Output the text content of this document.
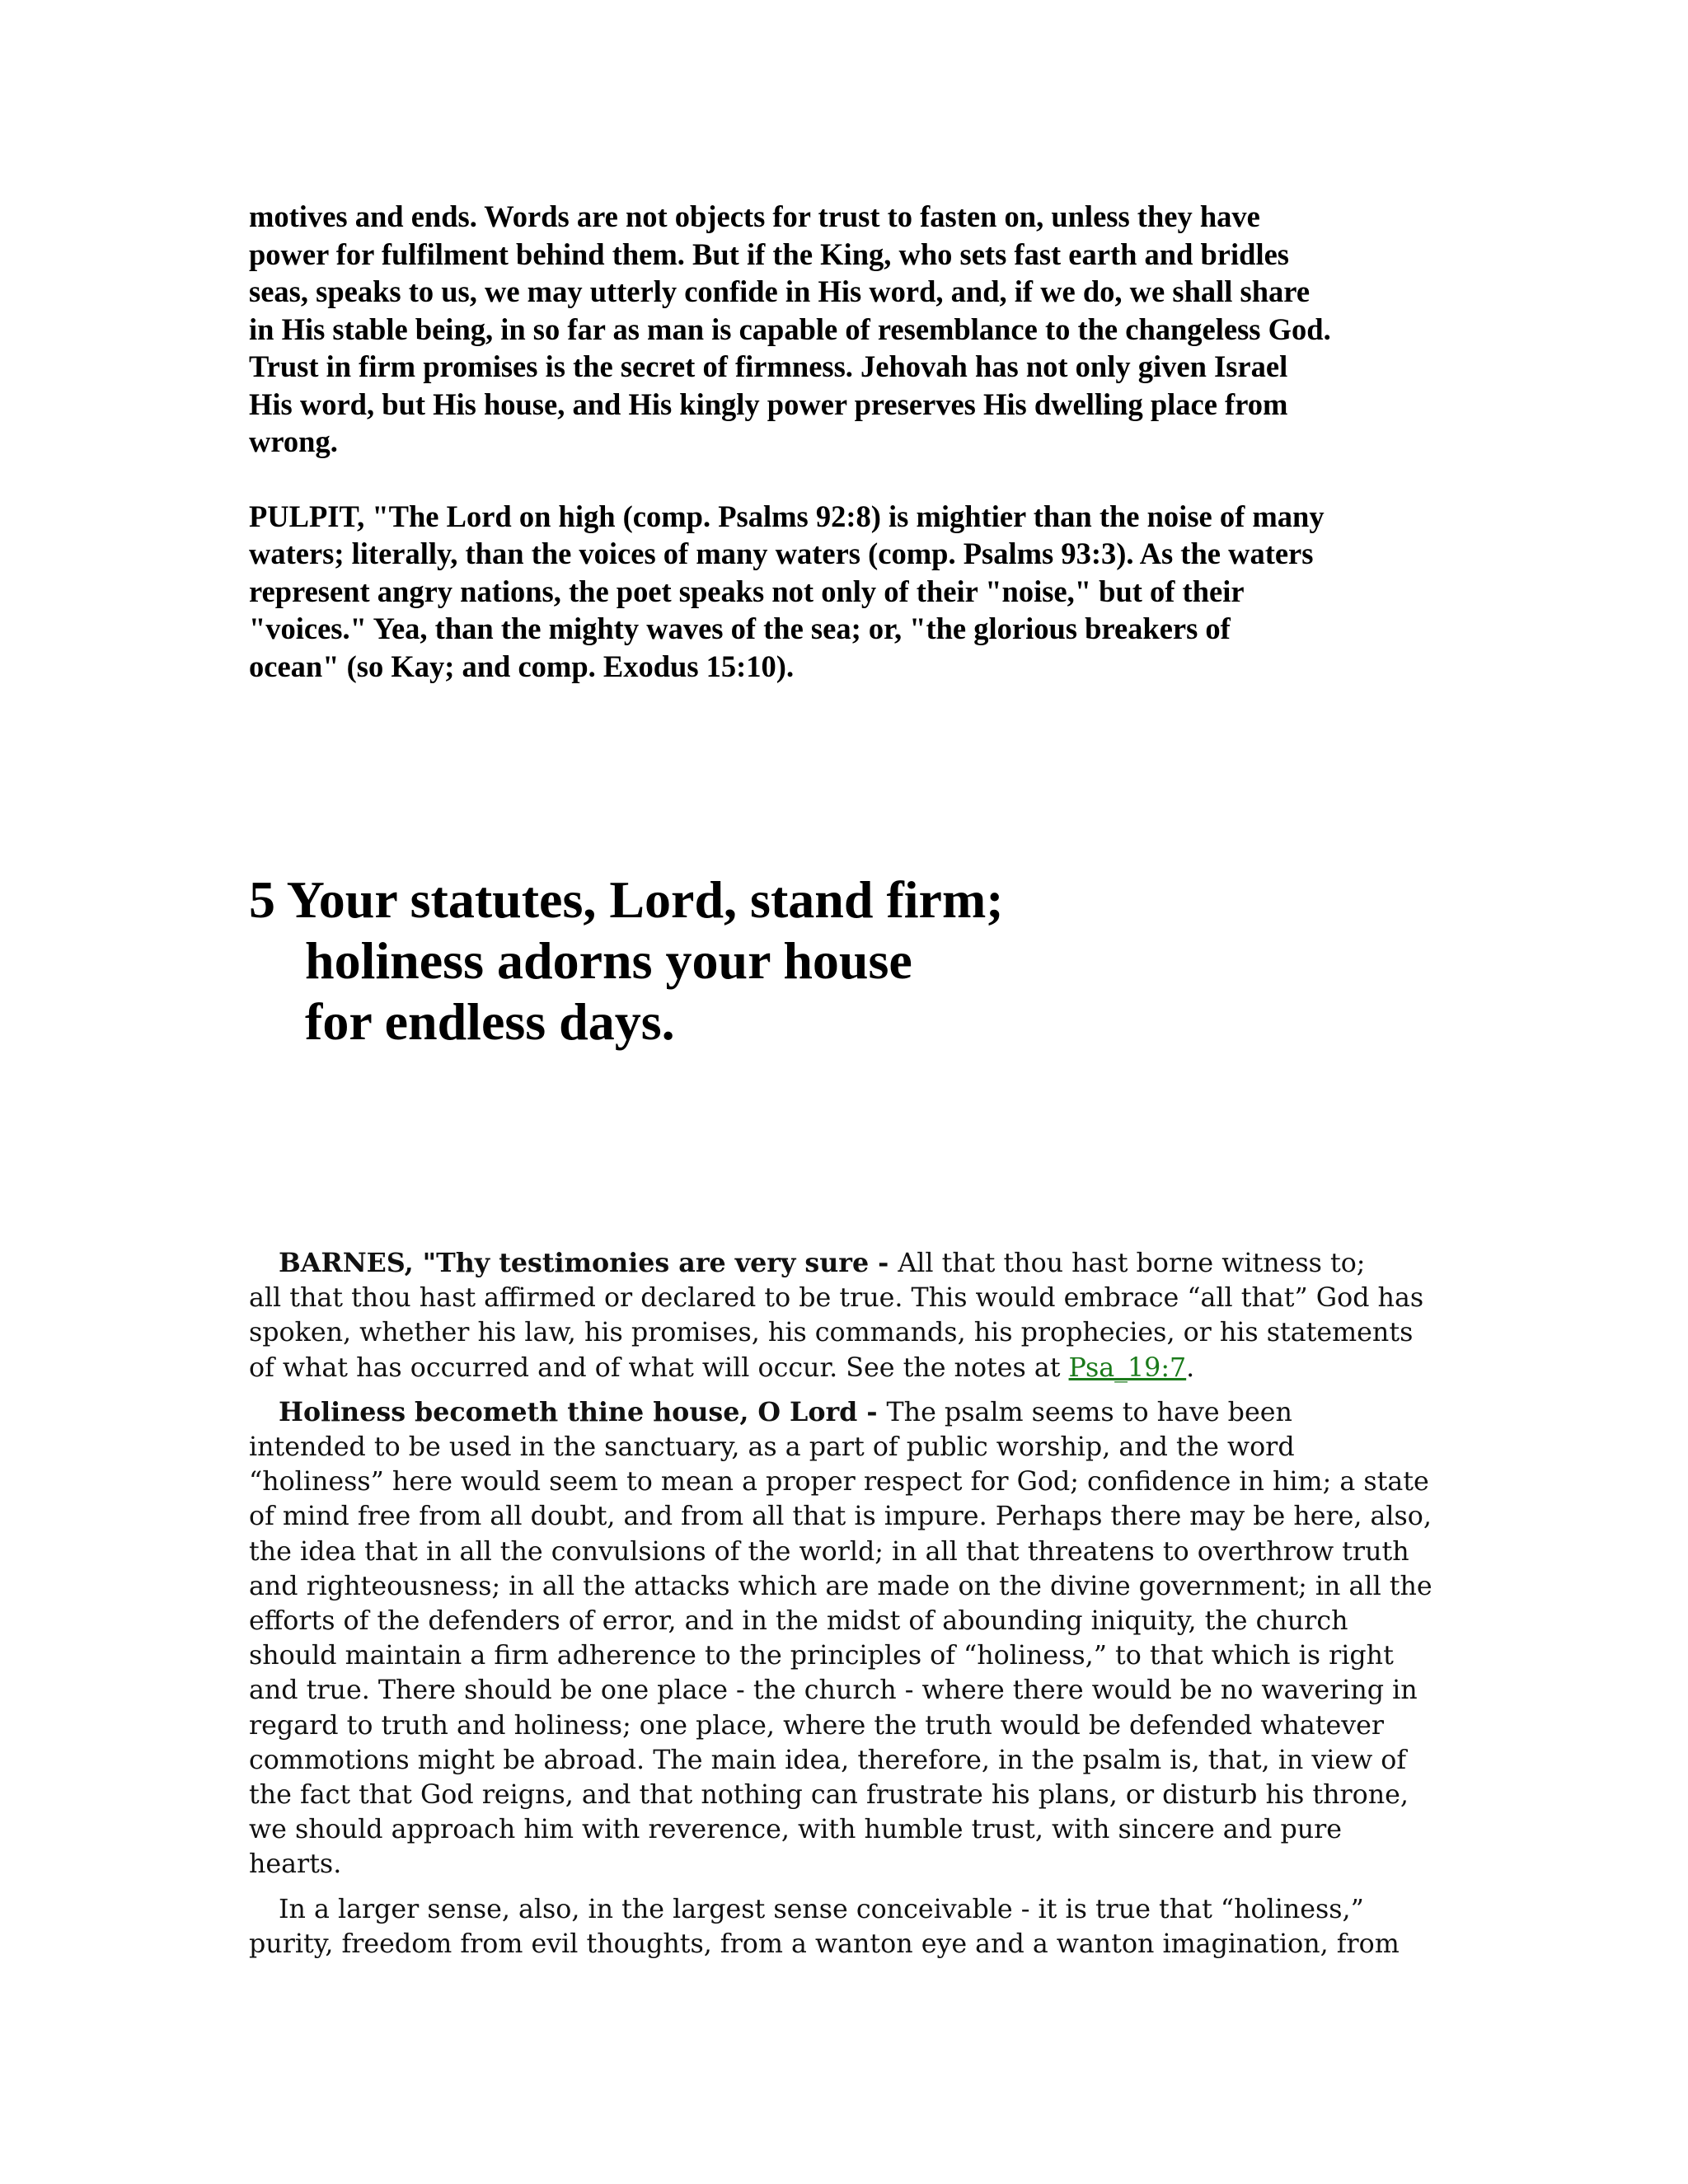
motives and ends. Words are not objects for trust to fasten on, unless they have
power for fulfilment behind them. But if the King, who sets fast earth and bridles
seas, speaks to us, we may utterly confide in His word, and, if we do, we shall share
in His stable being, in so far as man is capable of resemblance to the changeless God.
Trust in firm promises is the secret of firmness. Jehovah has not only given Israel
His word, but His house, and His kingly power preserves His dwelling place from
wrong.
PULPIT, "The Lord on high (comp. Psalms 92:8) is mightier than the noise of many
waters; literally, than the voices of many waters (comp. Psalms 93:3). As the waters
represent angry nations, the poet speaks not only of their "noise," but of their
"voices." Yea, than the mighty waves of the sea; or, "the glorious breakers of
ocean" (so Kay; and comp. Exodus 15:10).
5 Your statutes, Lord, stand firm;
holiness adorns your house
for endless days.

BARNES, "Thy testimonies are very sure - All that thou hast borne witness to;
all that thou hast affirmed or declared to be true. This would embrace “all that” God has
spoken, whether his law, his promises, his commands, his prophecies, or his statements
of what has occurred and of what will occur. See the notes at Psa_19:7.

Holiness becometh thine house, O Lord - The psalm seems to have been
intended to be used in the sanctuary, as a part of public worship, and the word
“holiness” here would seem to mean a proper respect for God; confidence in him; a state
of mind free from all doubt, and from all that is impure. Perhaps there may be here, also,
the idea that in all the convulsions of the world; in all that threatens to overthrow truth
and righteousness; in all the attacks which are made on the divine government; in all the
efforts of the defenders of error, and in the midst of abounding iniquity, the church
should maintain a firm adherence to the principles of “holiness,” to that which is right
and true. There should be one place - the church - where there would be no wavering in
regard to truth and holiness; one place, where the truth would be defended whatever
commotions might be abroad. The main idea, therefore, in the psalm is, that, in view of
the fact that God reigns, and that nothing can frustrate his plans, or disturb his throne,
we should approach him with reverence, with humble trust, with sincere and pure
hearts.

In a larger sense, also, in the largest sense conceivable - it is true that “holiness,”
purity, freedom from evil thoughts, from a wanton eye and a wanton imagination, from
